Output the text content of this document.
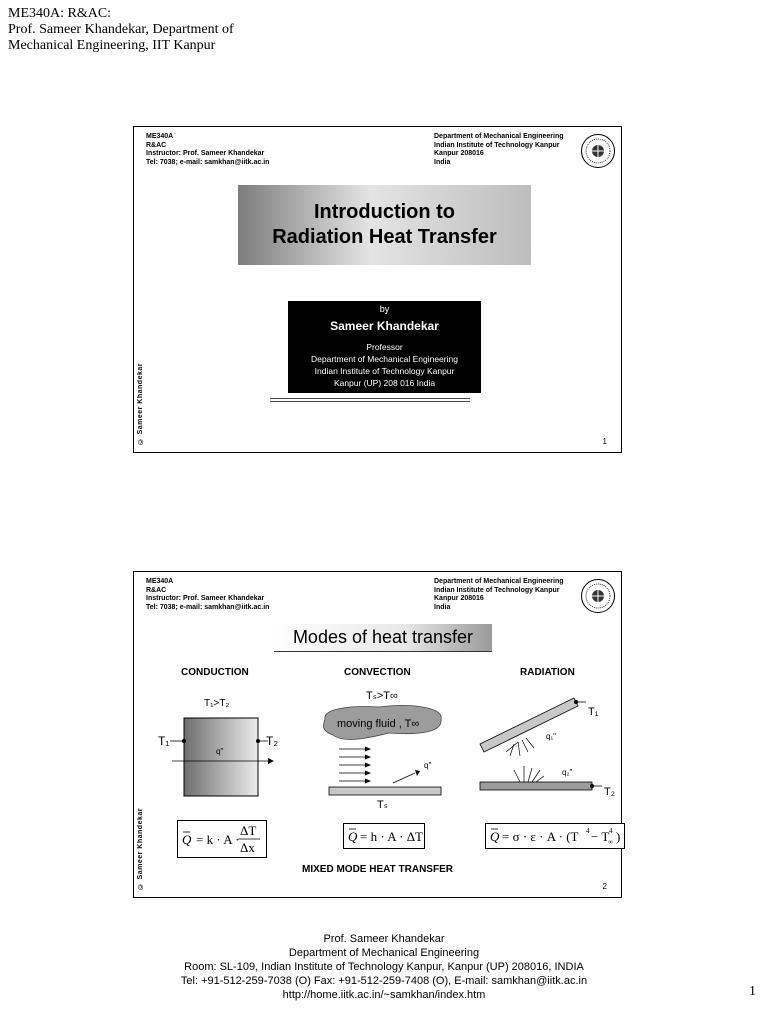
ME340A: R&AC:
Prof. Sameer Khandekar, Department of
Mechanical Engineering, IIT Kanpur
ME340A
R&AC
Instructor: Prof. Sameer Khandekar
Tel: 7038; e-mail: samkhan@iitk.ac.in
Department of Mechanical Engineering
Indian Institute of Technology Kanpur
Kanpur 208016
India
Introduction to
Radiation Heat Transfer
by
Sameer Khandekar
Professor
Department of Mechanical Engineering
Indian Institute of Technology Kanpur
Kanpur (UP) 208 016 India
© Sameer Khandekar	1
ME340A
R&AC
Instructor: Prof. Sameer Khandekar
Tel: 7038; e-mail: samkhan@iitk.ac.in
Department of Mechanical Engineering
Indian Institute of Technology Kanpur
Kanpur 208016
India
Modes of heat transfer
CONDUCTION	CONVECTION	RADIATION
T₁>T₂
T₁	T₂
q"
Tₛ>T∞
moving fluid , T∞
q"
Tₛ
T₁
q₁"
q₂"
T₂
Q = k · A ·
ΔT
Δx
Q = h · A · ΔT	Q = σ · ε · A · (T 4 − T 4
∞ )
MIXED MODE HEAT TRANSFER
© Sameer Khandekar	2
Prof. Sameer Khandekar
Department of Mechanical Engineering
Room: SL-109, Indian Institute of Technology Kanpur, Kanpur (UP) 208016, INDIA
Tel: +91-512-259-7038 (O) Fax: +91-512-259-7408 (O), E-mail: samkhan@iitk.ac.in
http://home.iitk.ac.in/~samkhan/index.htm	1
